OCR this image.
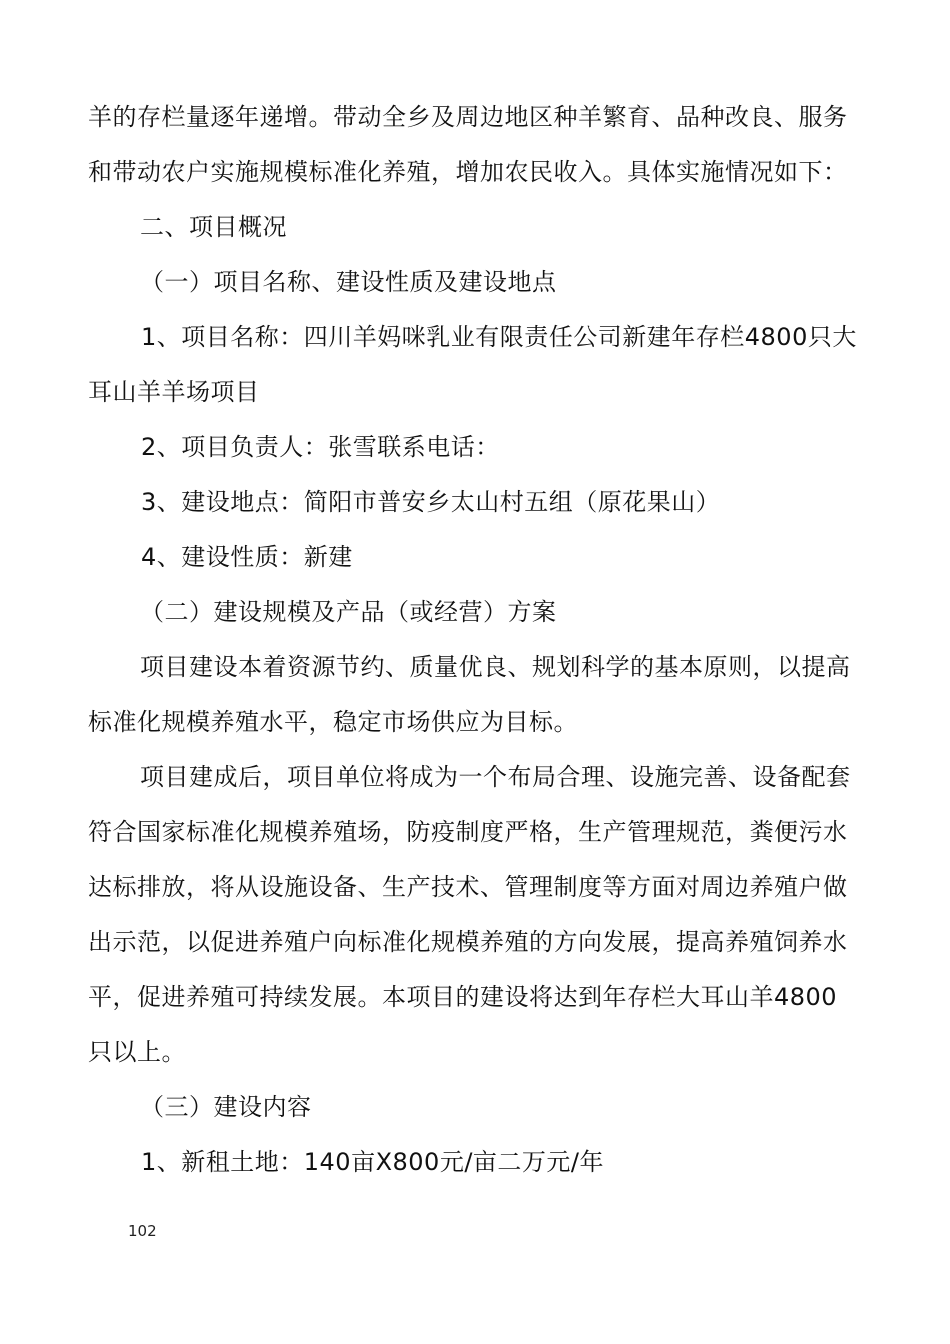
羊的存栏量逐年递增。带动全乡及周边地区种羊繁育、品种改良、服务
和带动农户实施规模标准化养殖，增加农民收入。具体实施情况如下：
二、项目概况
（一）项目名称、建设性质及建设地点
1、项目名称：四川羊妈咪乳业有限责任公司新建年存栏4800只大
耳山羊羊场项目
2、项目负责人：张雪联系电话：
3、建设地点：简阳市普安乡太山村五组（原花果山）
4、建设性质：新建
（二）建设规模及产品（或经营）方案
项目建设本着资源节约、质量优良、规划科学的基本原则，以提高
标准化规模养殖水平，稳定市场供应为目标。
项目建成后，项目单位将成为一个布局合理、设施完善、设备配套
符合国家标准化规模养殖场，防疫制度严格，生产管理规范，粪便污水
达标排放，将从设施设备、生产技术、管理制度等方面对周边养殖户做
出示范，以促进养殖户向标准化规模养殖的方向发展，提高养殖饲养水
平，促进养殖可持续发展。本项目的建设将达到年存栏大耳山羊4800
只以上。
（三）建设内容
1、新租土地：140亩X800元/亩二万元/年
102
